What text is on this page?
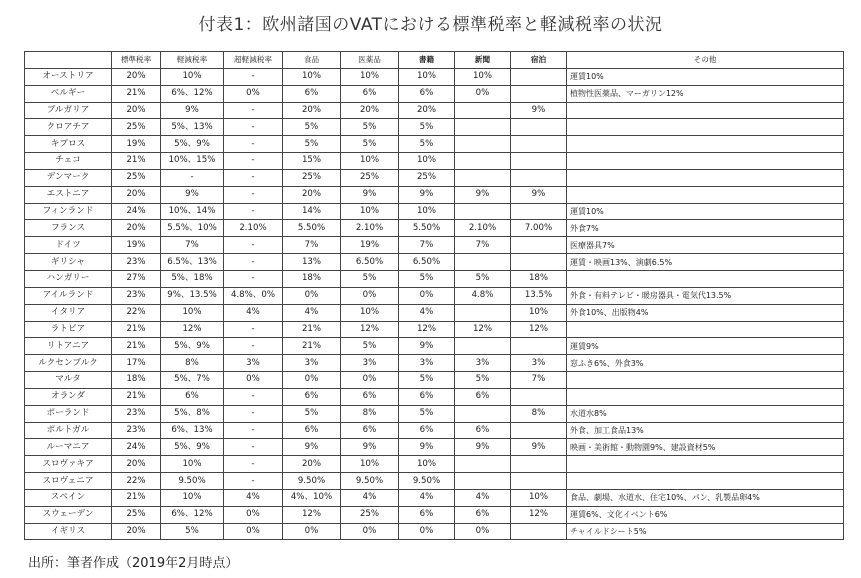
付表1：欧州諸国のVATにおける標準税率と軽減税率の状況
	標準税率	軽減税率	超軽減税率	食品	医薬品	書籍	新聞	宿泊	その他
オーストリア	20%	10%	-	10%	10%	10%	10%		運賃10%
ベルギー	21%	6%、12%	0%	6%	6%	6%	0%		植物性医薬品、マーガリン12%
ブルガリア	20%	9%	-	20%	20%	20%		9%	
クロアチア	25%	5%、13%	-	5%	5%	5%			
キプロス	19%	5%、9%	-	5%	5%	5%			
チェコ	21%	10%、15%	-	15%	10%	10%			
デンマーク	25%	-	-	25%	25%	25%			
エストニア	20%	9%	-	20%	9%	9%	9%	9%	
フィンランド	24%	10%、14%	-	14%	10%	10%			運賃10%
フランス	20%	5.5%、10%	2.10%	5.50%	2.10%	5.50%	2.10%	7.00%	外食7%
ドイツ	19%	7%	-	7%	19%	7%	7%		医療器具7%
ギリシャ	23%	6.5%、13%	-	13%	6.50%	6.50%			運賃・映画13%、演劇6.5%
ハンガリー	27%	5%、18%	-	18%	5%	5%	5%	18%	
アイルランド	23%	9%、13.5%	4.8%、0%	0%	0%	0%	4.8%	13.5%	外食・有料テレビ・暖房器具・電気代13.5%
イタリア	22%	10%	4%	4%	10%	4%		10%	外食10%、出版物4%
ラトビア	21%	12%	-	21%	12%	12%	12%	12%	
リトアニア	21%	5%、9%	-	21%	5%	9%			運賃9%
ルクセンブルク	17%	8%	3%	3%	3%	3%	3%	3%	窓ふき6%、外食3%
マルタ	18%	5%、7%	0%	0%	0%	5%	5%	7%	
オランダ	21%	6%	-	6%	6%	6%	6%		
ポーランド	23%	5%、8%	-	5%	8%	5%		8%	水道水8%
ポルトガル	23%	6%、13%	-	6%	6%	6%	6%		外食、加工食品13%
ルーマニア	24%	5%、9%	-	9%	9%	9%	9%	9%	映画・美術館・動物園9%、建設資材5%
スロヴァキア	20%	10%	-	20%	10%	10%			
スロヴェニア	22%	9.50%	-	9.50%	9.50%	9.50%			
スペイン	21%	10%	4%	4%、10%	4%	4%	4%	10%	食品、劇場、水道水、住宅10%、パン、乳製品卵4%
スウェーデン	25%	6%、12%	0%	12%	25%	6%	6%	12%	運賃6%、文化イベント6%
イギリス	20%	5%	0%	0%	0%	0%	0%		チャイルドシート5%
出所：筆者作成（2019年2月時点）
